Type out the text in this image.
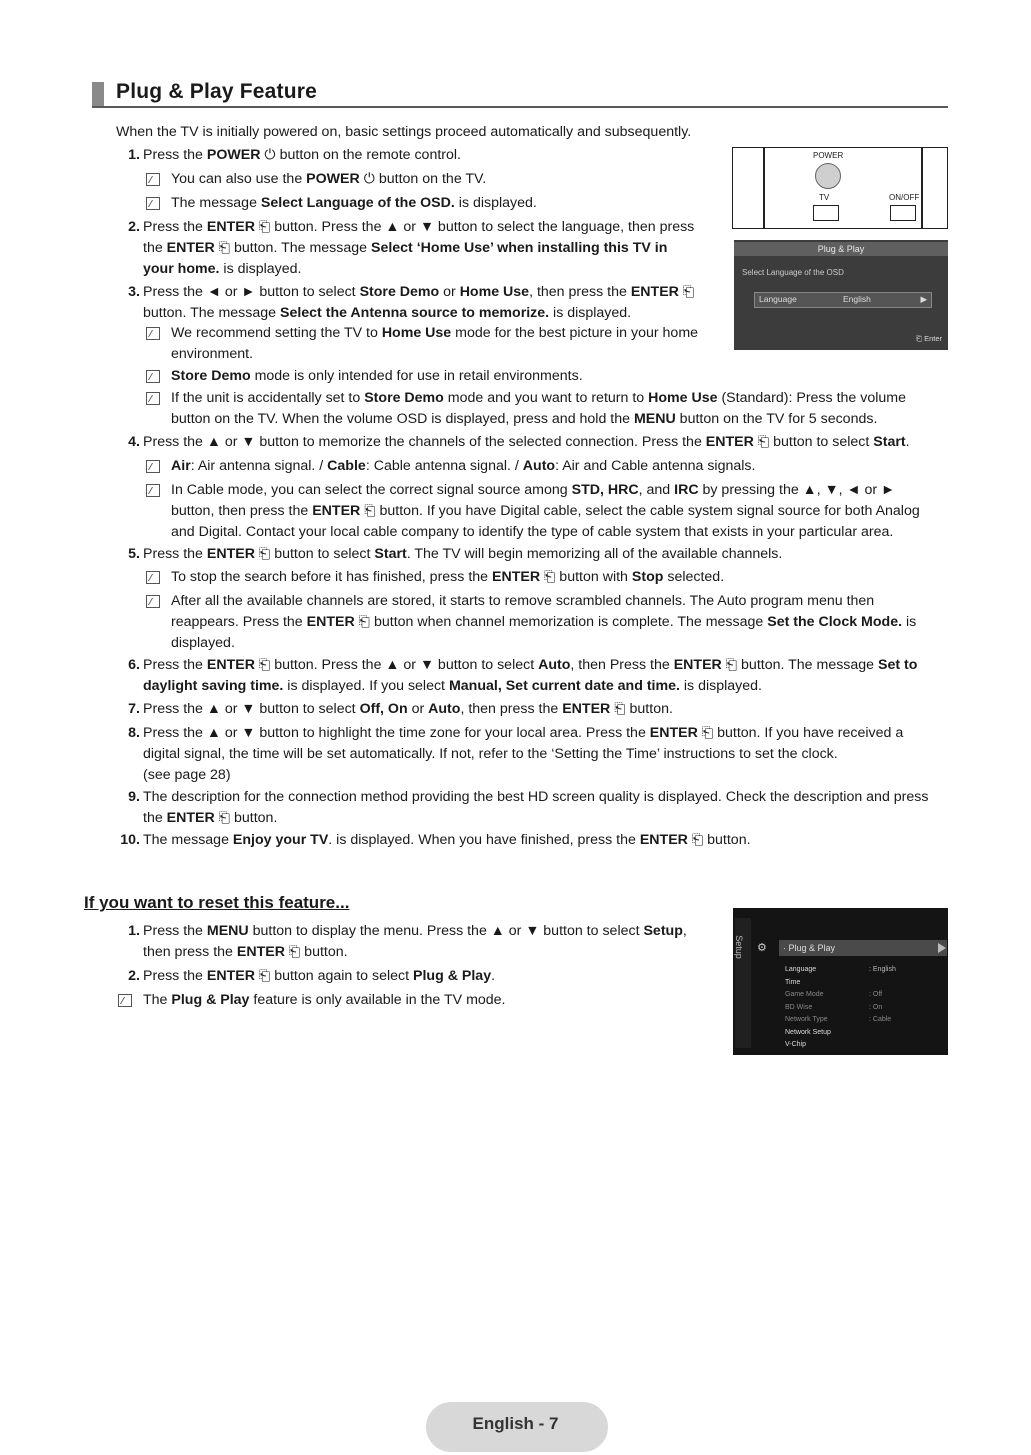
Plug & Play Feature
When the TV is initially powered on, basic settings proceed automatically and subsequently.
1. Press the POWER ⏻ button on the remote control.
You can also use the POWER ⏻ button on the TV.
The message Select Language of the OSD. is displayed.
2. Press the ENTER ⎗ button. Press the ▲ or ▼ button to select the language, then press
the ENTER ⎗ button. The message Select ‘Home Use’ when installing this TV in
your home. is displayed.
3. Press the ◄ or ► button to select Store Demo or Home Use, then press the ENTER ⎗
button. The message Select the Antenna source to memorize. is displayed.
We recommend setting the TV to Home Use mode for the best picture in your home
environment.
Store Demo mode is only intended for use in retail environments.
If the unit is accidentally set to Store Demo mode and you want to return to Home Use (Standard): Press the volume
button on the TV. When the volume OSD is displayed, press and hold the MENU button on the TV for 5 seconds.
4. Press the ▲ or ▼ button to memorize the channels of the selected connection. Press the ENTER ⎗ button to select Start.
Air: Air antenna signal. / Cable: Cable antenna signal. / Auto: Air and Cable antenna signals.
In Cable mode, you can select the correct signal source among STD, HRC, and IRC by pressing the ▲, ▼, ◄ or ►
button, then press the ENTER ⎗ button. If you have Digital cable, select the cable system signal source for both Analog
and Digital. Contact your local cable company to identify the type of cable system that exists in your particular area.
5. Press the ENTER ⎗ button to select Start. The TV will begin memorizing all of the available channels.
To stop the search before it has finished, press the ENTER ⎗ button with Stop selected.
After all the available channels are stored, it starts to remove scrambled channels. The Auto program menu then
reappears. Press the ENTER ⎗ button when channel memorization is complete. The message Set the Clock Mode. is
displayed.
6. Press the ENTER ⎗ button. Press the ▲ or ▼ button to select Auto, then Press the ENTER ⎗ button. The message Set to
daylight saving time. is displayed. If you select Manual, Set current date and time. is displayed.
7. Press the ▲ or ▼ button to select Off, On or Auto, then press the ENTER ⎗ button.
8. Press the ▲ or ▼ button to highlight the time zone for your local area. Press the ENTER ⎗ button. If you have received a
digital signal, the time will be set automatically. If not, refer to the ‘Setting the Time’ instructions to set the clock.
(see page 28)
9. The description for the connection method providing the best HD screen quality is displayed. Check the description and press
the ENTER ⎗ button.
10. The message Enjoy your TV. is displayed. When you have finished, press the ENTER ⎗ button.
1. Press the MENU button to display the menu. Press the ▲ or ▼ button to select Setup,
then press the ENTER ⎗ button.
2. Press the ENTER ⎗ button again to select Plug & Play.
The Plug & Play feature is only available in the TV mode.
If you want to reset this feature...
POWER
TV	ON/OFF
Plug & Play
Select Language of the OSD
Language	English	▶
⎗ Enter
Setup ⚙	· Plug & Play
Language	: English
Time
Game Mode	: Off
BD Wise	: On
Network Type	: Cable
Network Setup
V-Chip
English - 7
